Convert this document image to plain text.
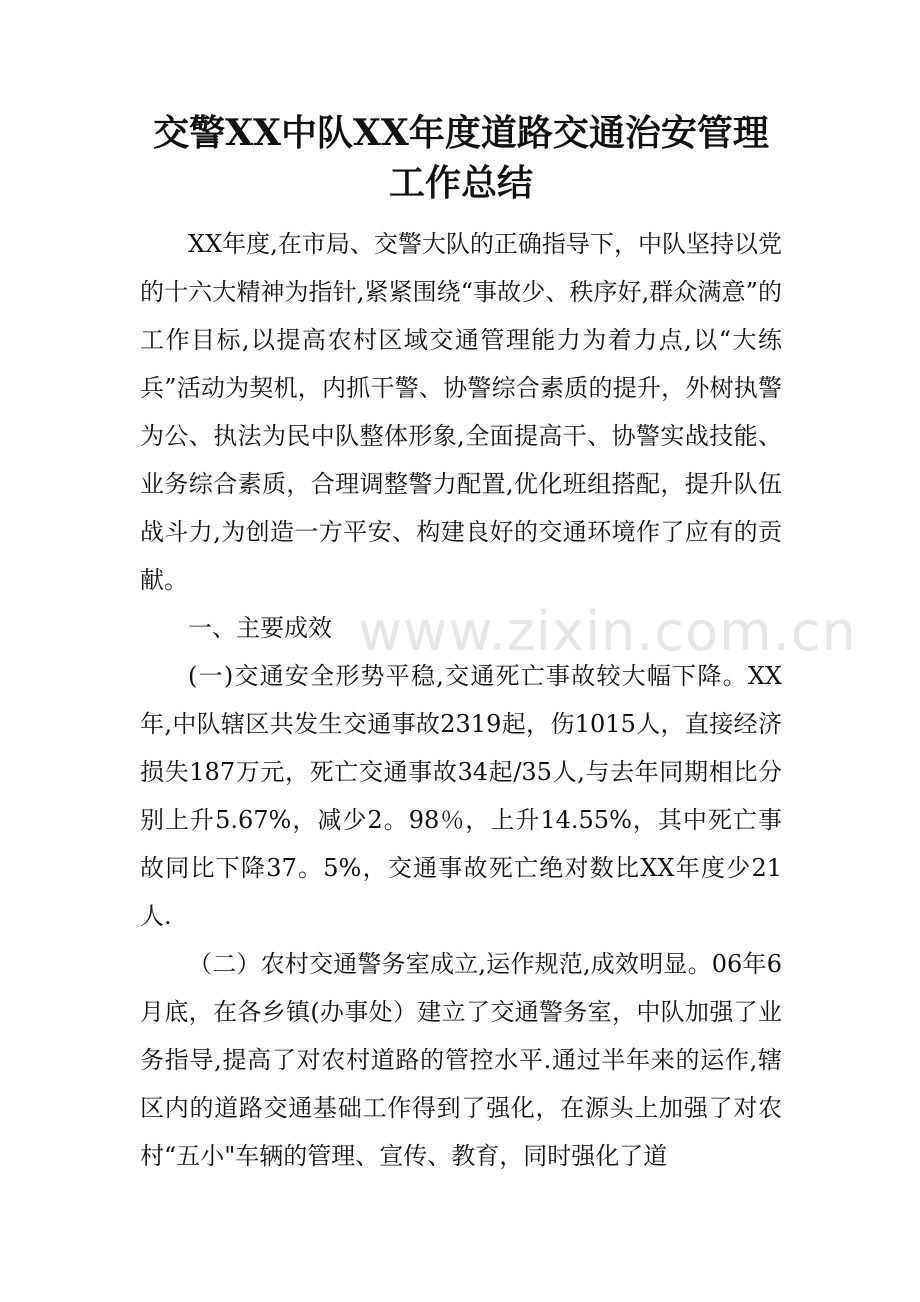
www.zixin.com.cn
交警XX中队XX年度道路交通治安管理
工作总结

XX年度,在市局、交警大队的正确指导下，中队坚持以党的十六大精神为指针,紧紧围绕“事故少、秩序好,群众满意”的工作目标,以提高农村区域交通管理能力为着力点,以“大练兵”活动为契机，内抓干警、协警综合素质的提升，外树执警为公、执法为民中队整体形象,全面提高干、协警实战技能、业务综合素质，合理调整警力配置,优化班组搭配，提升队伍战斗力,为创造一方平安、构建良好的交通环境作了应有的贡献。

一、主要成效

(一)交通安全形势平稳,交通死亡事故较大幅下降。XX年,中队辖区共发生交通事故2319起，伤1015人，直接经济损失187万元，死亡交通事故34起/35人,与去年同期相比分别上升5.67%，减少2。98％，上升14.55%，其中死亡事故同比下降37。5%，交通事故死亡绝对数比XX年度少21人.

（二）农村交通警务室成立,运作规范,成效明显。06年6月底，在各乡镇(办事处）建立了交通警务室，中队加强了业务指导,提高了对农村道路的管控水平.通过半年来的运作,辖区内的道路交通基础工作得到了强化，在源头上加强了对农村“五小"车辆的管理、宣传、教育，同时强化了道
